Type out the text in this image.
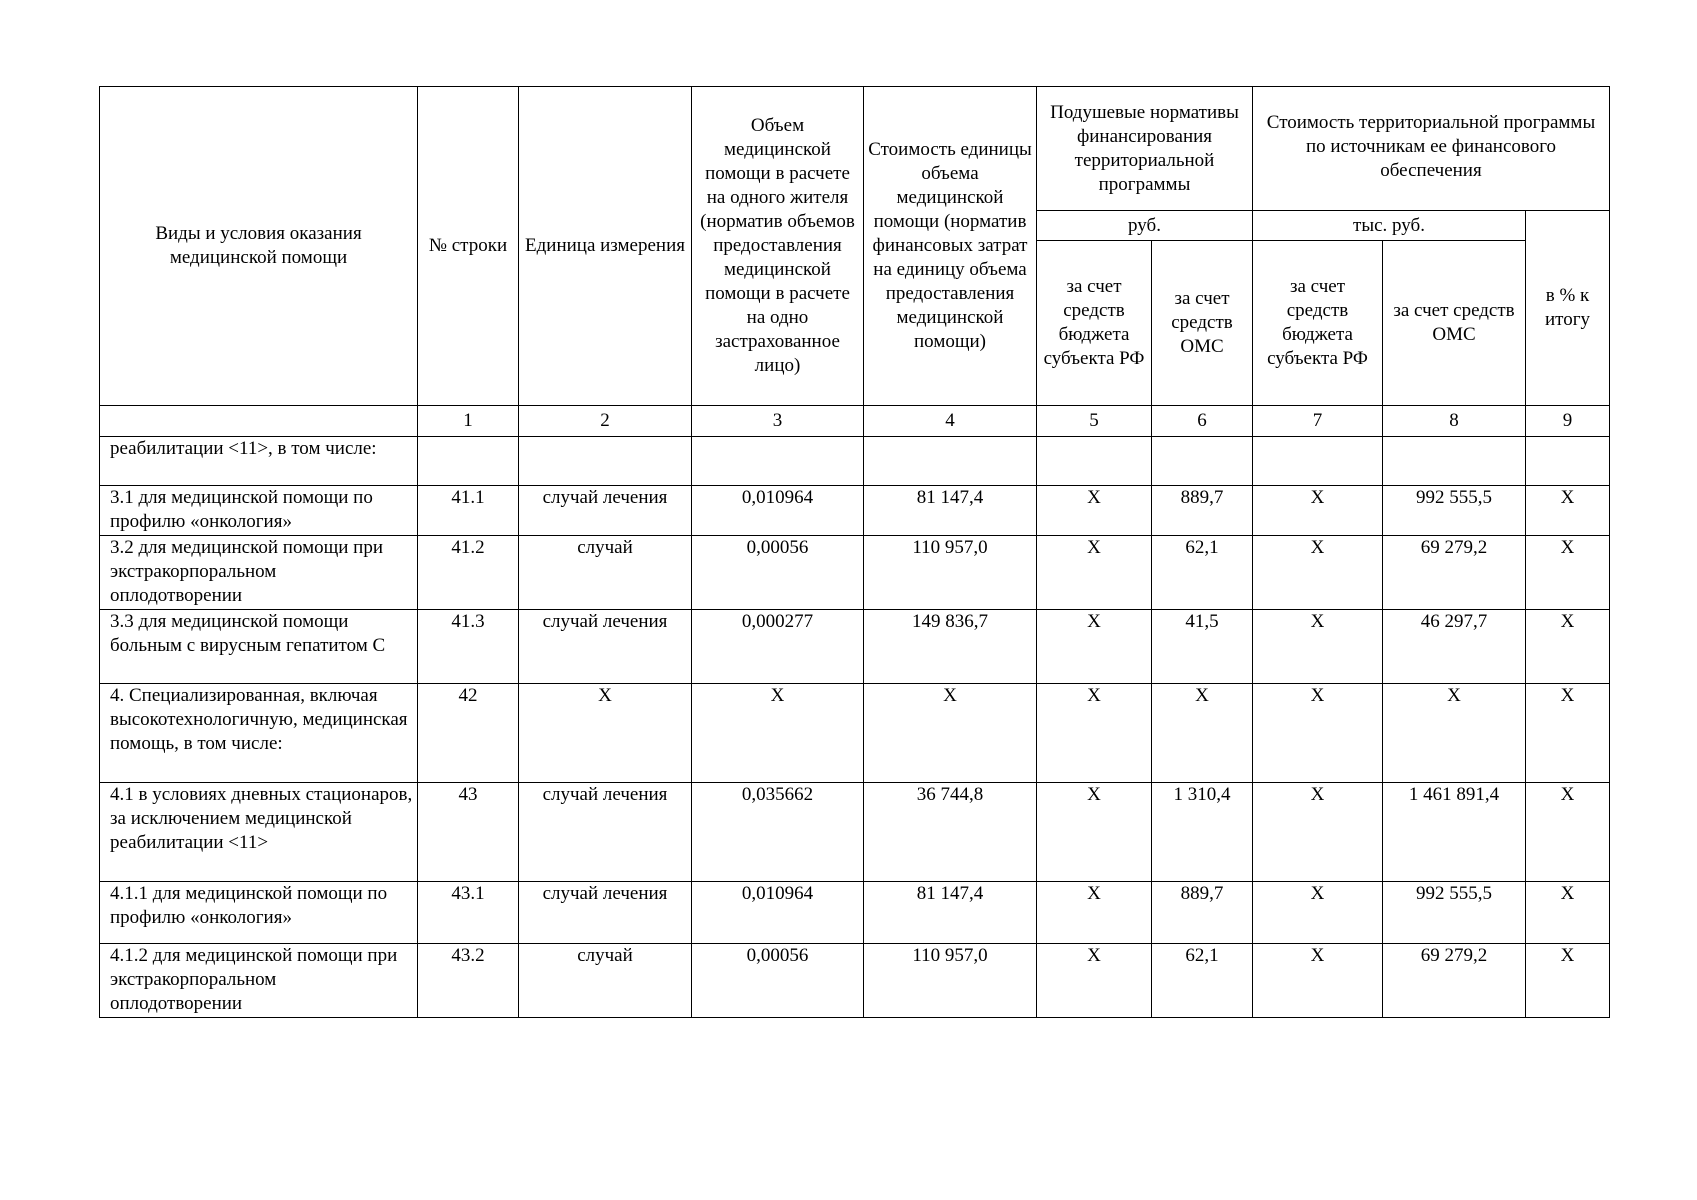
Виды и условия оказания медицинской помощи	№ строки	Единица измерения	Объем медицинской помощи в расчете на одного жителя (норматив объемов предоставления медицинской помощи в расчете на одно застрахованное лицо)	Стоимость единицы объема медицинской помощи (норматив финансовых затрат на единицу объема предоставления медицинской помощи)	Подушевые нормативы финансирования территориальной программы		Стоимость территориальной программы по источникам ее финансового обеспечения		
					руб.		тыс. руб.		в % к итогу
					за счет средств бюджета субъекта РФ	за счет средств ОМС	за счет средств бюджета субъекта РФ	за счет средств ОМС	
	1	2	3	4	5	6	7	8	9
реабилитации <11>, в том числе:									
3.1 для медицинской помощи по профилю «онкология»	41.1	случай лечения	0,010964	81 147,4	X	889,7	X	992 555,5	X
3.2 для медицинской помощи при экстракорпоральном оплодотворении	41.2	случай	0,00056	110 957,0	X	62,1	X	69 279,2	X
3.3 для медицинской помощи больным с вирусным гепатитом С	41.3	случай лечения	0,000277	149 836,7	X	41,5	X	46 297,7	X
4. Специализированная, включая высокотехнологичную, медицинская помощь, в том числе:	42	X	X	X	X	X	X	X	X
4.1 в условиях дневных стационаров, за исключением медицинской реабилитации <11>	43	случай лечения	0,035662	36 744,8	X	1 310,4	X	1 461 891,4	X
4.1.1 для медицинской помощи по профилю «онкология»	43.1	случай лечения	0,010964	81 147,4	X	889,7	X	992 555,5	X
4.1.2 для медицинской помощи при экстракорпоральном оплодотворении	43.2	случай	0,00056	110 957,0	X	62,1	X	69 279,2	X
